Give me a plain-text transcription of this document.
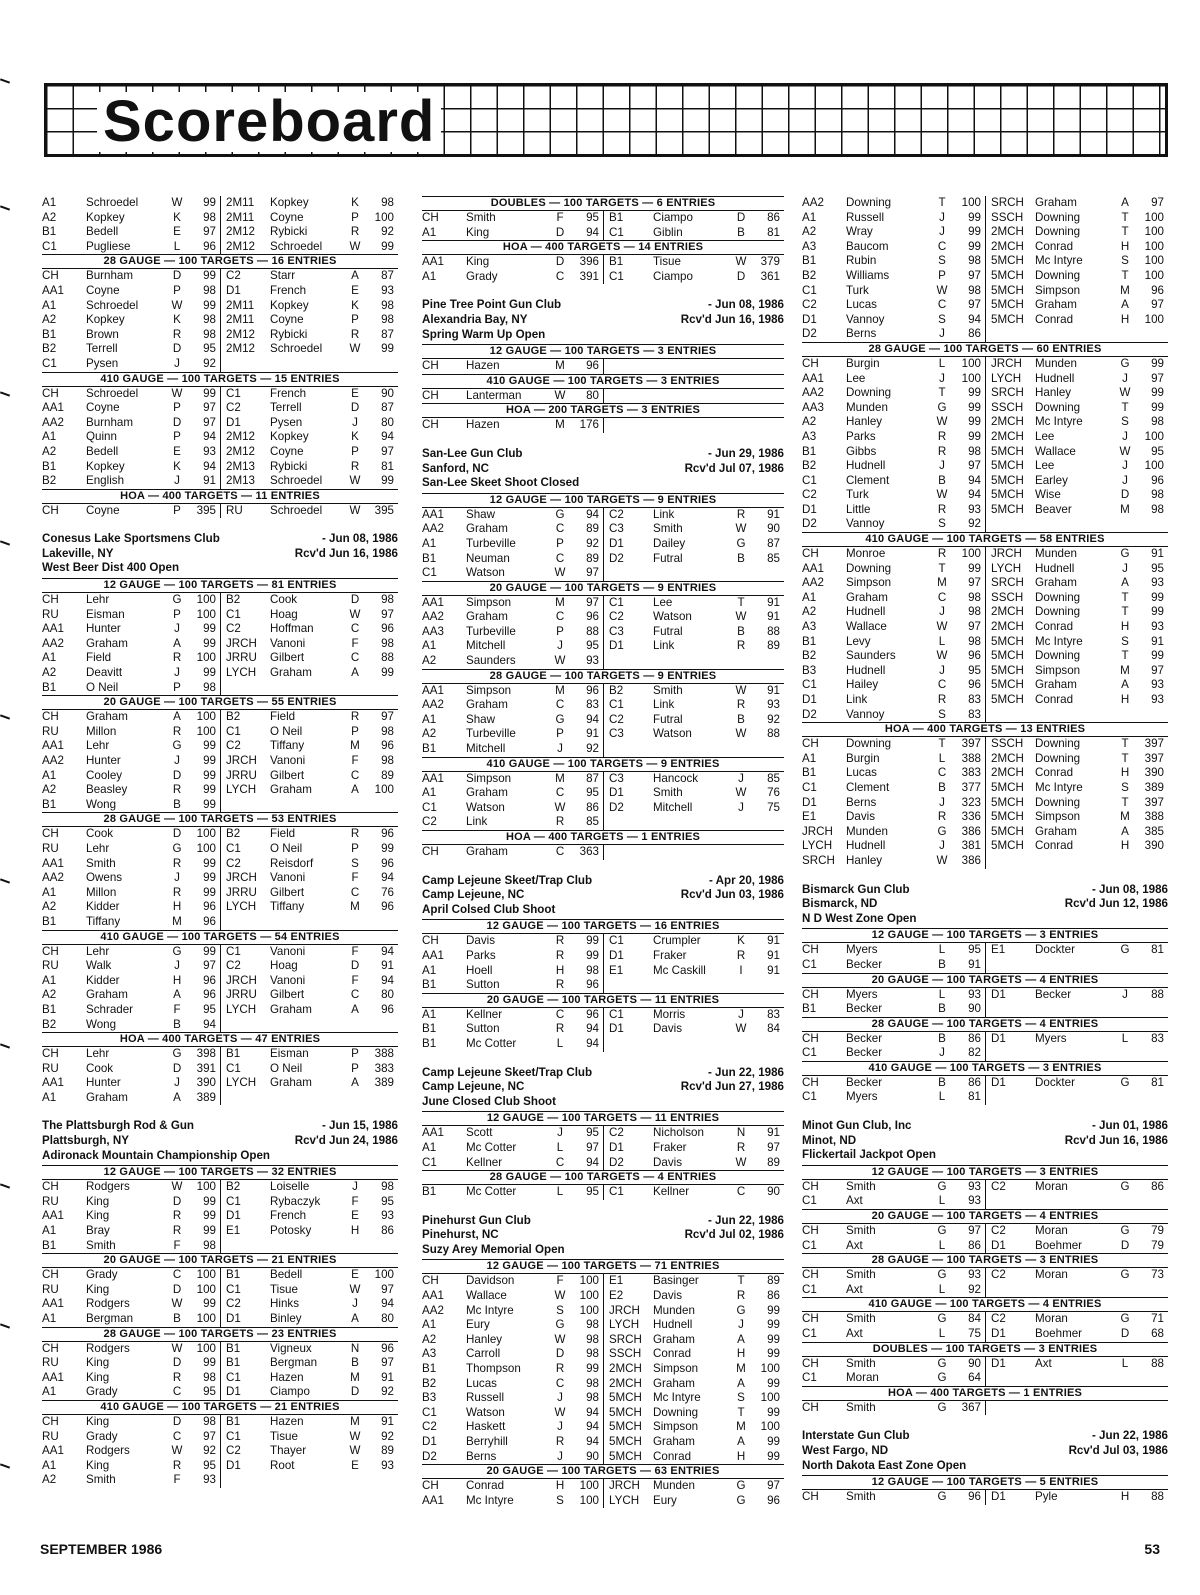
Scoreboard
A1	Schroedel	W	99 2M11	Kopkey	K	98
A2	Kopkey	K	98 2M11	Coyne	P	100
B1	Bedell	E	97 2M12	Rybicki	R	92
C1	Pugliese	L	96 2M12	Schroedel	W	99
28 GAUGE — 100 TARGETS — 16 ENTRIES
CH	Burnham	D	99 C2	Starr	A	87
AA1	Coyne	P	98 D1	French	E	93
A1	Schroedel	W	99 2M11	Kopkey	K	98
A2	Kopkey	K	98 2M11	Coyne	P	98
B1	Brown	R	98 2M12	Rybicki	R	87
B2	Terrell	D	95 2M12	Schroedel	W	99
C1	Pysen	J	92
410 GAUGE — 100 TARGETS — 15 ENTRIES
CH	Schroedel	W	99 C1	French	E	90
AA1	Coyne	P	97 C2	Terrell	D	87
AA2	Burnham	D	97 D1	Pysen	J	80
A1	Quinn	P	94 2M12	Kopkey	K	94
A2	Bedell	E	93 2M12	Coyne	P	97
B1	Kopkey	K	94 2M13	Rybicki	R	81
B2	English	J	91 2M13	Schroedel	W	99
HOA — 400 TARGETS — 11 ENTRIES
CH	Coyne	P	395 RU	Schroedel	W	395
Conesus Lake Sportsmens Club	- Jun 08, 1986
Lakeville, NY	Rcv'd Jun 16, 1986
West Beer Dist 400 Open
12 GAUGE — 100 TARGETS — 81 ENTRIES
CH	Lehr	G	100 B2	Cook	D	98
RU	Eisman	P	100 C1	Hoag	W	97
AA1	Hunter	J	99 C2	Hoffman	C	96
AA2	Graham	A	99 JRCH	Vanoni	F	98
A1	Field	R	100 JRRU	Gilbert	C	88
A2	Deavitt	J	99 LYCH	Graham	A	99
B1	O Neil	P	98
20 GAUGE — 100 TARGETS — 55 ENTRIES
CH	Graham	A	100 B2	Field	R	97
RU	Millon	R	100 C1	O Neil	P	98
AA1	Lehr	G	99 C2	Tiffany	M	96
AA2	Hunter	J	99 JRCH	Vanoni	F	98
A1	Cooley	D	99 JRRU	Gilbert	C	89
A2	Beasley	R	99 LYCH	Graham	A	100
B1	Wong	B	99
28 GAUGE — 100 TARGETS — 53 ENTRIES
CH	Cook	D	100 B2	Field	R	96
RU	Lehr	G	100 C1	O Neil	P	99
AA1	Smith	R	99 C2	Reisdorf	S	96
AA2	Owens	J	99 JRCH	Vanoni	F	94
A1	Millon	R	99 JRRU	Gilbert	C	76
A2	Kidder	H	96 LYCH	Tiffany	M	96
B1	Tiffany	M	96
410 GAUGE — 100 TARGETS — 54 ENTRIES
CH	Lehr	G	99 C1	Vanoni	F	94
RU	Walk	J	97 C2	Hoag	D	91
A1	Kidder	H	96 JRCH	Vanoni	F	94
A2	Graham	A	96 JRRU	Gilbert	C	80
B1	Schrader	F	95 LYCH	Graham	A	96
B2	Wong	B	94
HOA — 400 TARGETS — 47 ENTRIES
CH	Lehr	G	398 B1	Eisman	P	388
RU	Cook	D	391 C1	O Neil	P	383
AA1	Hunter	J	390 LYCH	Graham	A	389
A1	Graham	A	389
The Plattsburgh Rod & Gun	- Jun 15, 1986
Plattsburgh, NY	Rcv'd Jun 24, 1986
Adironack Mountain Championship Open
12 GAUGE — 100 TARGETS — 32 ENTRIES
CH	Rodgers	W	100 B2	Loiselle	J	98
RU	King	D	99 C1	Rybaczyk	F	95
AA1	King	R	99 D1	French	E	93
A1	Bray	R	99 E1	Potosky	H	86
B1	Smith	F	98
20 GAUGE — 100 TARGETS — 21 ENTRIES
CH	Grady	C	100 B1	Bedell	E	100
RU	King	D	100 C1	Tisue	W	97
AA1	Rodgers	W	99 C2	Hinks	J	94
A1	Bergman	B	100 D1	Binley	A	80
28 GAUGE — 100 TARGETS — 23 ENTRIES
CH	Rodgers	W	100 B1	Vigneux	N	96
RU	King	D	99 B1	Bergman	B	97
AA1	King	R	98 C1	Hazen	M	91
A1	Grady	C	95 D1	Ciampo	D	92
410 GAUGE — 100 TARGETS — 21 ENTRIES
CH	King	D	98 B1	Hazen	M	91
RU	Grady	C	97 C1	Tisue	W	92
AA1	Rodgers	W	92 C2	Thayer	W	89
A1	King	R	95 D1	Root	E	93
A2	Smith	F	93
DOUBLES — 100 TARGETS — 6 ENTRIES
CH	Smith	F	95 B1	Ciampo	D	86
A1	King	D	94 C1	Giblin	B	81
HOA — 400 TARGETS — 14 ENTRIES
AA1	King	D	396 B1	Tisue	W	379
A1	Grady	C	391 C1	Ciampo	D	361
Pine Tree Point Gun Club	- Jun 08, 1986
Alexandria Bay, NY	Rcv'd Jun 16, 1986
Spring Warm Up Open
12 GAUGE — 100 TARGETS — 3 ENTRIES
CH	Hazen	M	96
410 GAUGE — 100 TARGETS — 3 ENTRIES
CH	Lanterman	W	80
HOA — 200 TARGETS — 3 ENTRIES
CH	Hazen	M	176
San-Lee Gun Club	- Jun 29, 1986
Sanford, NC	Rcv'd Jul 07, 1986
San-Lee Skeet Shoot Closed
12 GAUGE — 100 TARGETS — 9 ENTRIES
AA1	Shaw	G	94 C2	Link	R	91
AA2	Graham	C	89 C3	Smith	W	90
A1	Turbeville	P	92 D1	Dailey	G	87
B1	Neuman	C	89 D2	Futral	B	85
C1	Watson	W	97
20 GAUGE — 100 TARGETS — 9 ENTRIES
AA1	Simpson	M	97 C1	Lee	T	91
AA2	Graham	C	96 C2	Watson	W	91
AA3	Turbeville	P	88 C3	Futral	B	88
A1	Mitchell	J	95 D1	Link	R	89
A2	Saunders	W	93
28 GAUGE — 100 TARGETS — 9 ENTRIES
AA1	Simpson	M	96 B2	Smith	W	91
AA2	Graham	C	83 C1	Link	R	93
A1	Shaw	G	94 C2	Futral	B	92
A2	Turbeville	P	91 C3	Watson	W	88
B1	Mitchell	J	92
410 GAUGE — 100 TARGETS — 9 ENTRIES
AA1	Simpson	M	87 C3	Hancock	J	85
A1	Graham	C	95 D1	Smith	W	76
C1	Watson	W	86 D2	Mitchell	J	75
C2	Link	R	85
HOA — 400 TARGETS — 1 ENTRIES
CH	Graham	C	363
Camp Lejeune Skeet/Trap Club	- Apr 20, 1986
Camp Lejeune, NC	Rcv'd Jun 03, 1986
April Colsed Club Shoot
12 GAUGE — 100 TARGETS — 16 ENTRIES
CH	Davis	R	99 C1	Crumpler	K	91
AA1	Parks	R	99 D1	Fraker	R	91
A1	Hoell	H	98 E1	Mc Caskill	I	91
B1	Sutton	R	96
20 GAUGE — 100 TARGETS — 11 ENTRIES
A1	Kellner	C	96 C1	Morris	J	83
B1	Sutton	R	94 D1	Davis	W	84
B1	Mc Cotter	L	94
Camp Lejeune Skeet/Trap Club	- Jun 22, 1986
Camp Lejeune, NC	Rcv'd Jun 27, 1986
June Closed Club Shoot
12 GAUGE — 100 TARGETS — 11 ENTRIES
AA1	Scott	J	95 C2	Nicholson	N	91
A1	Mc Cotter	L	97 D1	Fraker	R	97
C1	Kellner	C	94 D2	Davis	W	89
28 GAUGE — 100 TARGETS — 4 ENTRIES
B1	Mc Cotter	L	95 C1	Kellner	C	90
Pinehurst Gun Club	- Jun 22, 1986
Pinehurst, NC	Rcv'd Jul 02, 1986
Suzy Arey Memorial Open
12 GAUGE — 100 TARGETS — 71 ENTRIES
CH	Davidson	F	100 E1	Basinger	T	89
AA1	Wallace	W	100 E2	Davis	R	86
AA2	Mc Intyre	S	100 JRCH	Munden	G	99
A1	Eury	G	98 LYCH	Hudnell	J	99
A2	Hanley	W	98 SRCH Graham	A	99
A3	Carroll	D	98 SSCH	Conrad	H	99
B1	Thompson	R	99 2MCH Simpson	M	100
B2	Lucas	C	98 2MCH Graham	A	99
B3	Russell	J	98 5MCH Mc Intyre	S	100
C1	Watson	W	94 5MCH Downing	T	99
C2	Haskett	J	94 5MCH Simpson	M	100
D1	Berryhill	R	94 5MCH Graham	A	99
D2	Berns	J	90 5MCH Conrad	H	99
20 GAUGE — 100 TARGETS — 63 ENTRIES
CH	Conrad	H	100 JRCH	Munden	G	97
AA1	Mc Intyre	S	100 LYCH	Eury	G	96
AA2	Downing	T	100 SRCH Graham	A	97
A1	Russell	J	99 SSCH	Downing	T	100
A2	Wray	J	99 2MCH Downing	T	100
A3	Baucom	C	99 2MCH Conrad	H	100
B1	Rubin	S	98 5MCH Mc Intyre	S	100
B2	Williams	P	97 5MCH Downing	T	100
C1	Turk	W	98 5MCH Simpson	M	96
C2	Lucas	C	97 5MCH Graham	A	97
D1	Vannoy	S	94 5MCH Conrad	H	100
D2	Berns	J	86
28 GAUGE — 100 TARGETS — 60 ENTRIES
CH	Burgin	L	100 JRCH	Munden	G	99
AA1	Lee	J	100 LYCH	Hudnell	J	97
AA2	Downing	T	99 SRCH Hanley	W	99
AA3	Munden	G	99 SSCH	Downing	T	99
A2	Hanley	W	99 2MCH Mc Intyre	S	98
A3	Parks	R	99 2MCH Lee	J	100
B1	Gibbs	R	98 5MCH Wallace	W	95
B2	Hudnell	J	97 5MCH Lee	J	100
C1	Clement	B	94 5MCH Earley	J	96
C2	Turk	W	94 5MCH Wise	D	98
D1	Little	R	93 5MCH Beaver	M	98
D2	Vannoy	S	92
410 GAUGE — 100 TARGETS — 58 ENTRIES
CH	Monroe	R	100 JRCH	Munden	G	91
AA1	Downing	T	99 LYCH	Hudnell	J	95
AA2	Simpson	M	97 SRCH Graham	A	93
A1	Graham	C	98 SSCH	Downing	T	99
A2	Hudnell	J	98 2MCH Downing	T	99
A3	Wallace	W	97 2MCH Conrad	H	93
B1	Levy	L	98 5MCH Mc Intyre	S	91
B2	Saunders	W	96 5MCH Downing	T	99
B3	Hudnell	J	95 5MCH Simpson	M	97
C1	Hailey	C	96 5MCH Graham	A	93
D1	Link	R	83 5MCH Conrad	H	93
D2	Vannoy	S	83
HOA — 400 TARGETS — 13 ENTRIES
CH	Downing	T	397 SSCH	Downing	T	397
A1	Burgin	L	388 2MCH Downing	T	397
B1	Lucas	C	383 2MCH Conrad	H	390
C1	Clement	B	377 5MCH Mc Intyre	S	389
D1	Berns	J	323 5MCH Downing	T	397
E1	Davis	R	336 5MCH Simpson	M	388
JRCH	Munden	G	386 5MCH Graham	A	385
LYCH	Hudnell	J	381 5MCH Conrad	H	390
SRCH Hanley	W	386
Bismarck Gun Club	- Jun 08, 1986
Bismarck, ND	Rcv'd Jun 12, 1986
N D West Zone Open
12 GAUGE — 100 TARGETS — 3 ENTRIES
CH	Myers	L	95 E1	Dockter	G	81
C1	Becker	B	91
20 GAUGE — 100 TARGETS — 4 ENTRIES
CH	Myers	L	93 D1	Becker	J	88
B1	Becker	B	90
28 GAUGE — 100 TARGETS — 4 ENTRIES
CH	Becker	B	86 D1	Myers	L	83
C1	Becker	J	82
410 GAUGE — 100 TARGETS — 3 ENTRIES
CH	Becker	B	86 D1	Dockter	G	81
C1	Myers	L	81
Minot Gun Club, Inc	- Jun 01, 1986
Minot, ND	Rcv'd Jun 16, 1986
Flickertail Jackpot Open
12 GAUGE — 100 TARGETS — 3 ENTRIES
CH	Smith	G	93 C2	Moran	G	86
C1	Axt	L	93
20 GAUGE — 100 TARGETS — 4 ENTRIES
CH	Smith	G	97 C2	Moran	G	79
C1	Axt	L	86 D1	Boehmer	D	79
28 GAUGE — 100 TARGETS — 3 ENTRIES
CH	Smith	G	93 C2	Moran	G	73
C1	Axt	L	92
410 GAUGE — 100 TARGETS — 4 ENTRIES
CH	Smith	G	84 C2	Moran	G	71
C1	Axt	L	75 D1	Boehmer	D	68
DOUBLES — 100 TARGETS — 3 ENTRIES
CH	Smith	G	90 D1	Axt	L	88
C1	Moran	G	64
HOA — 400 TARGETS — 1 ENTRIES
CH	Smith	G	367
Interstate Gun Club	- Jun 22, 1986
West Fargo, ND	Rcv'd Jul 03, 1986
North Dakota East Zone Open
12 GAUGE — 100 TARGETS — 5 ENTRIES
CH	Smith	G	96 D1	Pyle	H	88
SEPTEMBER 1986	53
